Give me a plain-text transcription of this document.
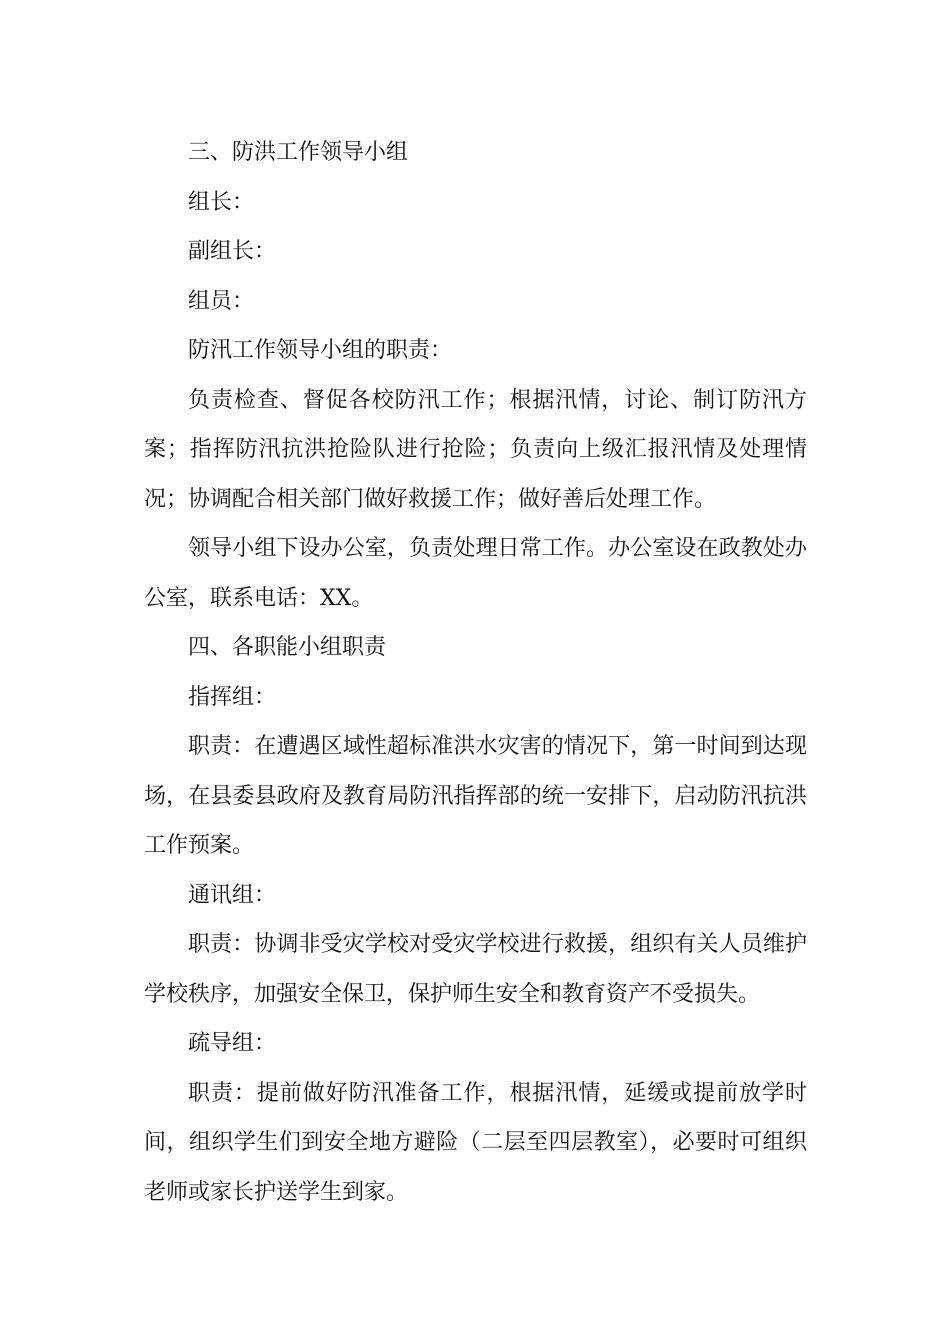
三、防洪工作领导小组

组长：

副组长：

组员：

防汛工作领导小组的职责：

负责检查、督促各校防汛工作；根据汛情，讨论、制订防汛方案；指挥防汛抗洪抢险队进行抢险；负责向上级汇报汛情及处理情况；协调配合相关部门做好救援工作；做好善后处理工作。

领导小组下设办公室，负责处理日常工作。办公室设在政教处办公室，联系电话：XX。

四、各职能小组职责

指挥组：

职责：在遭遇区域性超标准洪水灾害的情况下，第一时间到达现场，在县委县政府及教育局防汛指挥部的统一安排下，启动防汛抗洪工作预案。

通讯组：

职责：协调非受灾学校对受灾学校进行救援，组织有关人员维护学校秩序，加强安全保卫，保护师生安全和教育资产不受损失。

疏导组：

职责：提前做好防汛准备工作，根据汛情，延缓或提前放学时间，组织学生们到安全地方避险（二层至四层教室），必要时可组织老师或家长护送学生到家。
